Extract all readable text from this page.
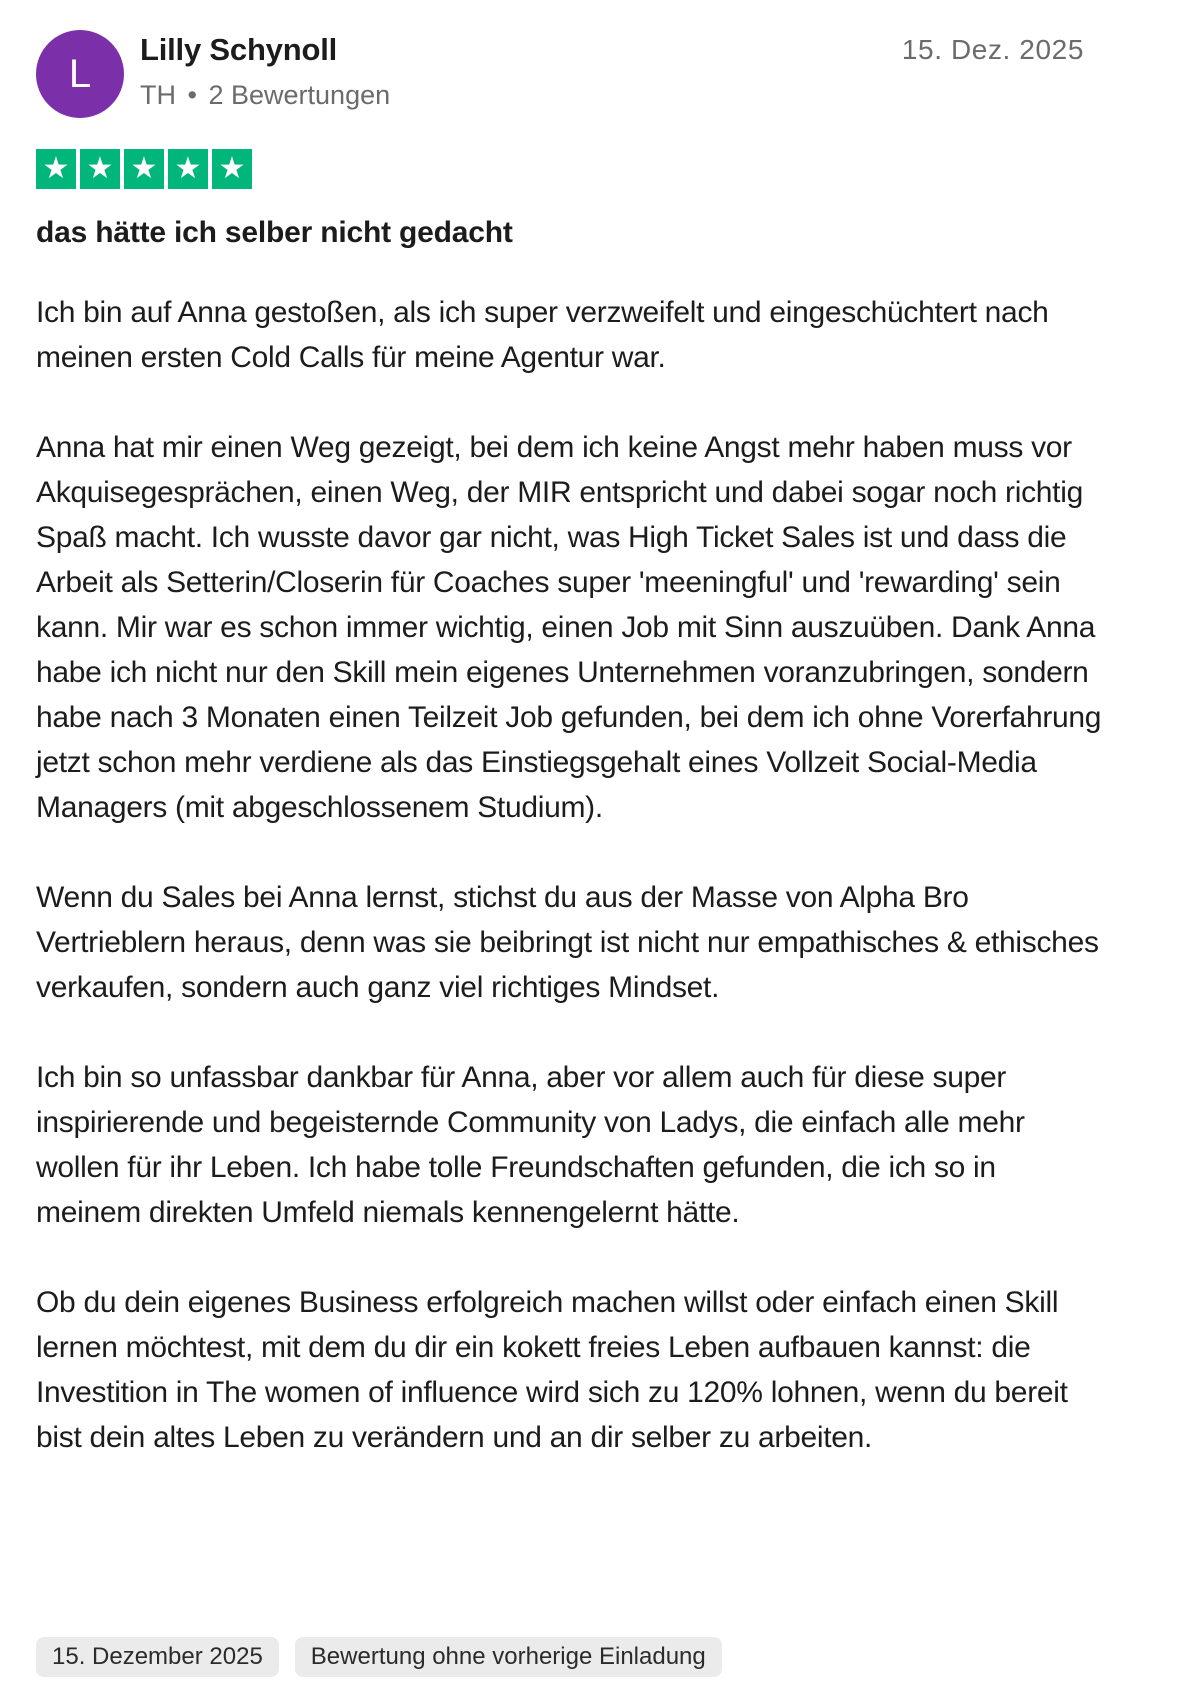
L
Lilly Schynoll
TH • 2 Bewertungen
15. Dez. 2025
★ ★ ★ ★ ★
das hätte ich selber nicht gedacht

Ich bin auf Anna gestoßen, als ich super verzweifelt und eingeschüchtert nach meinen ersten Cold Calls für meine Agentur war.

Anna hat mir einen Weg gezeigt, bei dem ich keine Angst mehr haben muss vor Akquisegesprächen, einen Weg, der MIR entspricht und dabei sogar noch richtig Spaß macht. Ich wusste davor gar nicht, was High Ticket Sales ist und dass die Arbeit als Setterin/Closerin für Coaches super 'meeningful' und 'rewarding' sein kann. Mir war es schon immer wichtig, einen Job mit Sinn auszuüben. Dank Anna habe ich nicht nur den Skill mein eigenes Unternehmen voranzubringen, sondern habe nach 3 Monaten einen Teilzeit Job gefunden, bei dem ich ohne Vorerfahrung jetzt schon mehr verdiene als das Einstiegsgehalt eines Vollzeit Social-Media Managers (mit abgeschlossenem Studium).

Wenn du Sales bei Anna lernst, stichst du aus der Masse von Alpha Bro Vertrieblern heraus, denn was sie beibringt ist nicht nur empathisches & ethisches verkaufen, sondern auch ganz viel richtiges Mindset.

Ich bin so unfassbar dankbar für Anna, aber vor allem auch für diese super inspirierende und begeisternde Community von Ladys, die einfach alle mehr wollen für ihr Leben. Ich habe tolle Freundschaften gefunden, die ich so in meinem direkten Umfeld niemals kennengelernt hätte.

Ob du dein eigenes Business erfolgreich machen willst oder einfach einen Skill lernen möchtest, mit dem du dir ein kokett freies Leben aufbauen kannst: die Investition in The women of influence wird sich zu 120% lohnen, wenn du bereit bist dein altes Leben zu verändern und an dir selber zu arbeiten.

15. Dezember 2025	Bewertung ohne vorherige Einladung
